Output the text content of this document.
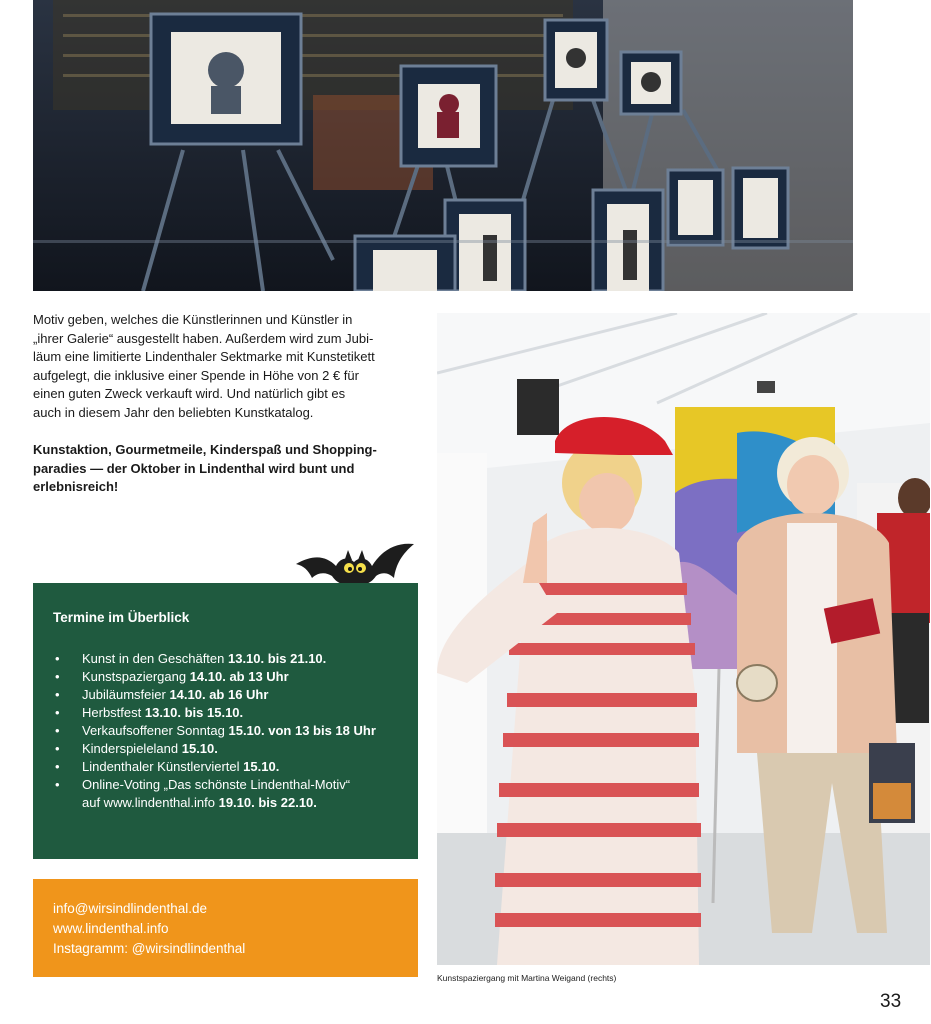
Motiv geben, welches die Künstlerinnen und Künstler in
„ihrer Galerie“ ausgestellt haben. Außerdem wird zum Jubi-
läum eine limitierte Lindenthaler Sektmarke mit Kunstetikett
aufgelegt, die inklusive einer Spende in Höhe von 2 € für
einen guten Zweck verkauft wird. Und natürlich gibt es
auch in diesem Jahr den beliebten Kunstkatalog.

Kunstaktion, Gourmetmeile, Kinderspaß und Shopping-
paradies — der Oktober in Lindenthal wird bunt und
erlebnisreich!

Termine im Überblick
• Kunst in den Geschäften 13.10. bis 21.10.
• Kunstspaziergang 14.10. ab 13 Uhr
• Jubiläumsfeier 14.10. ab 16 Uhr
• Herbstfest 13.10. bis 15.10.
• Verkaufsoffener Sonntag 15.10. von 13 bis 18 Uhr
• Kinderspieleland 15.10.
• Lindenthaler Künstlerviertel 15.10.
• Online-Voting „Das schönste Lindenthal-Motiv“
auf www.lindenthal.info 19.10. bis 22.10.
info@wirsindlindenthal.de
www.lindenthal.info
Instagramm: @wirsindlindenthal
Kunstspaziergang mit Martina Weigand (rechts)
33
